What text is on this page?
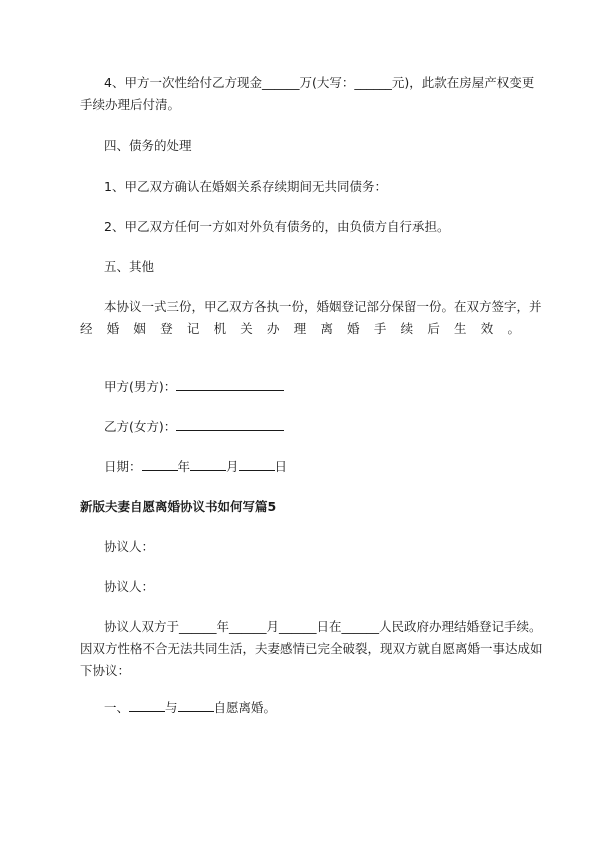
4、甲方一次性给付乙方现金______万(大写：______元)，此款在房屋产权变更
手续办理后付清。
四、债务的处理
1、甲乙双方确认在婚姻关系存续期间无共同债务：
2、甲乙双方任何一方如对外负有债务的，由负债方自行承担。
五、其他
本协议一式三份，甲乙双方各执一份，婚姻登记部分保留一份。在双方签字，并
经婚姻登记机关办理离婚手续后生效。
甲方(男方)：
乙方(女方)：
日期：	年	月	日
新版夫妻自愿离婚协议书如何写篇5
协议人：
协议人：
协议人双方于______年______月______日在______人民政府办理结婚登记手续。
因双方性格不合无法共同生活，夫妻感情已完全破裂，现双方就自愿离婚一事达成如
下协议：
一、	与	自愿离婚。
